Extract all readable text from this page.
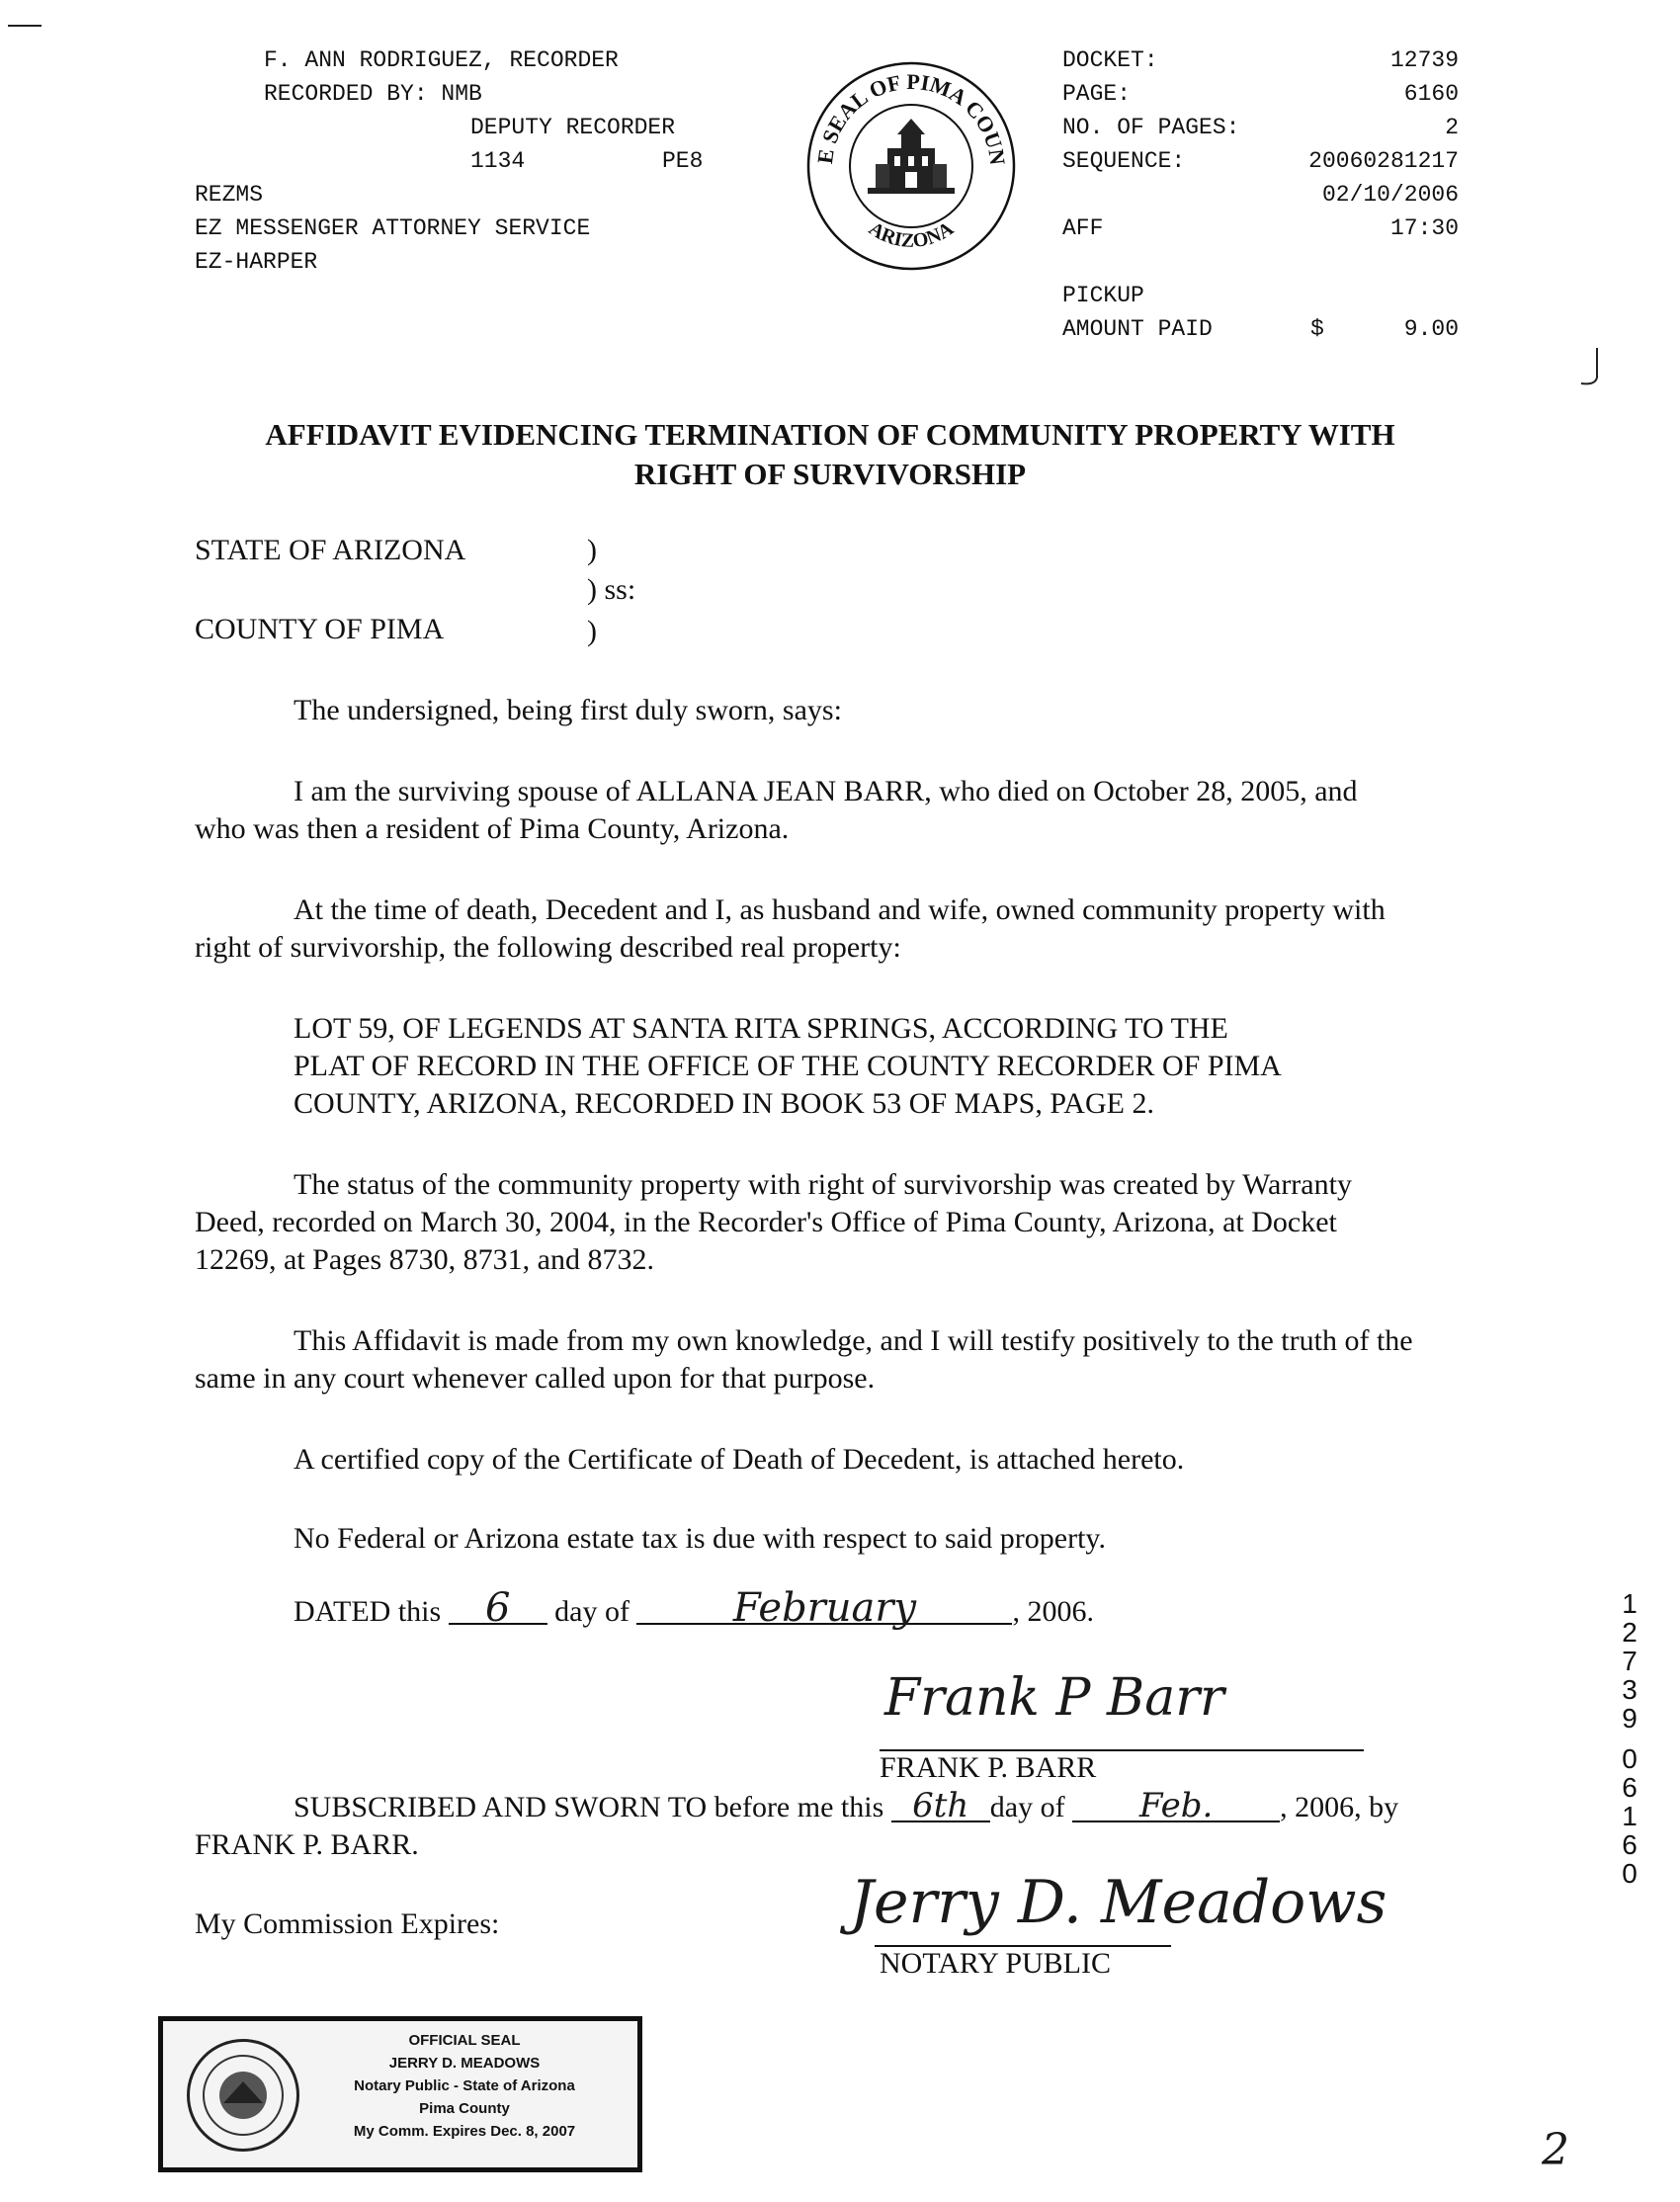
F. ANN RODRIGUEZ, RECORDER
RECORDED BY: NMB
DEPUTY RECORDER
1134	PE8
REZMS
EZ MESSENGER ATTORNEY SERVICE
EZ-HARPER
E SEAL OF PIMA COUN
ARIZONA
DOCKET:	12739
PAGE:	6160
NO. OF PAGES:	2
SEQUENCE:	20060281217
02/10/2006
AFF	17:30
PICKUP
AMOUNT PAID	$	9.00
AFFIDAVIT EVIDENCING TERMINATION OF COMMUNITY PROPERTY WITH
RIGHT OF SURVIVORSHIP
STATE OF ARIZONA	)
) ss:
COUNTY OF PIMA	)
The undersigned, being first duly sworn, says:
I am the surviving spouse of ALLANA JEAN BARR, who died on October 28, 2005, and
who was then a resident of Pima County, Arizona.
At the time of death, Decedent and I, as husband and wife, owned community property with
right of survivorship, the following described real property:
LOT 59, OF LEGENDS AT SANTA RITA SPRINGS, ACCORDING TO THE
PLAT OF RECORD IN THE OFFICE OF THE COUNTY RECORDER OF PIMA
COUNTY, ARIZONA, RECORDED IN BOOK 53 OF MAPS, PAGE 2.
The status of the community property with right of survivorship was created by Warranty
Deed, recorded on March 30, 2004, in the Recorder's Office of Pima County, Arizona, at Docket
12269, at Pages 8730, 8731, and 8732.
This Affidavit is made from my own knowledge, and I will testify positively to the truth of the
same in any court whenever called upon for that purpose.
A certified copy of the Certificate of Death of Decedent, is attached hereto.
No Federal or Arizona estate tax is due with respect to said property.
DATED this 6 day of	February	, 2006.
Frank P Barr
FRANK P. BARR
SUBSCRIBED AND SWORN TO before me this 6th day of Feb. , 2006, by
FRANK P. BARR.
My Commission Expires:	Jerry D. Meadows
NOTARY PUBLIC
OFFICIAL SEAL
JERRY D. MEADOWS
Notary Public - State of Arizona
Pima County
My Comm. Expires Dec. 8, 2007
1
2
7
3
9
0
6
1
6
0
2
